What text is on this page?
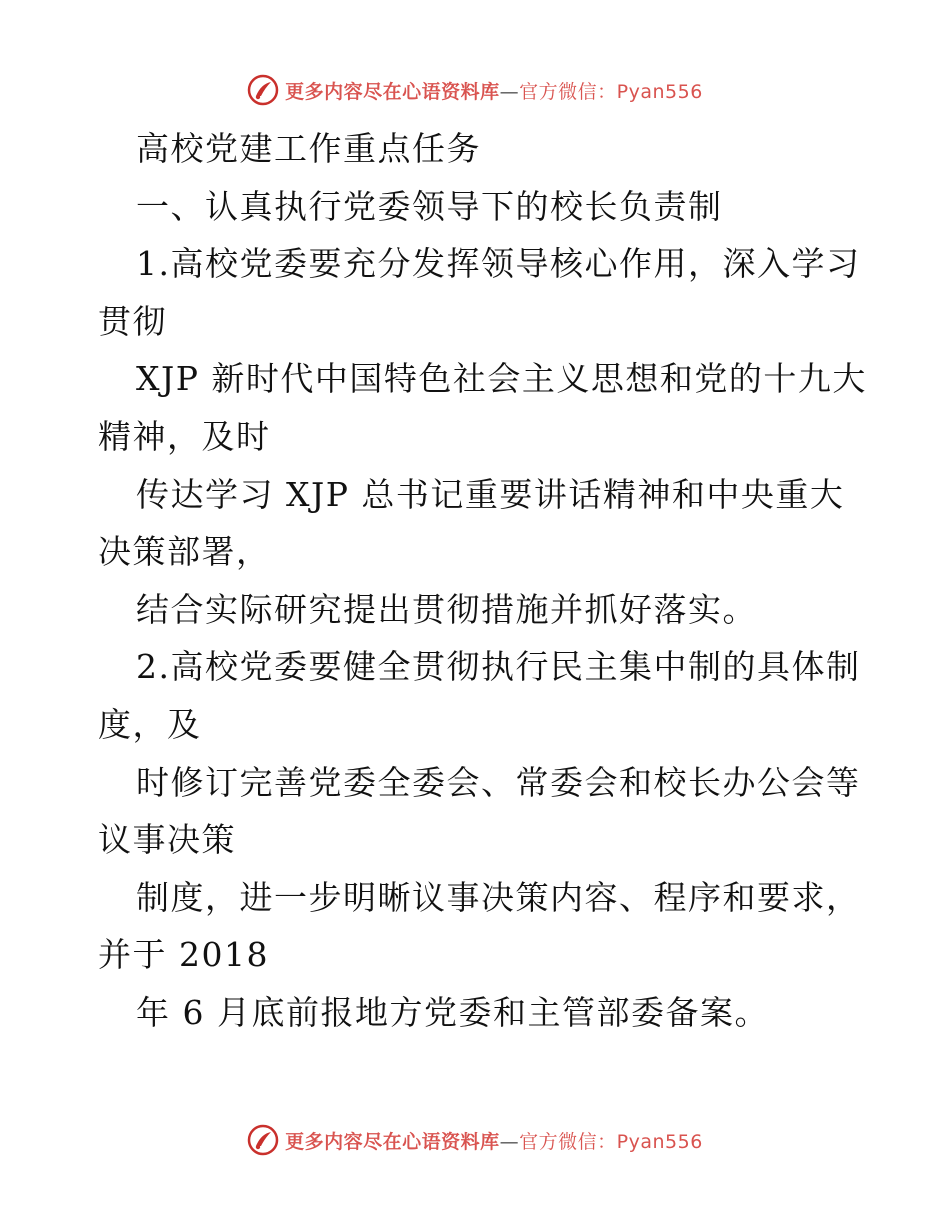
更多内容尽在心语资料库—官方微信：Pyan556
高校党建工作重点任务
一、认真执行党委领导下的校长负责制
1.高校党委要充分发挥领导核心作用，深入学习
贯彻
XJP 新时代中国特色社会主义思想和党的十九大
精神，及时
传达学习 XJP 总书记重要讲话精神和中央重大
决策部署，
结合实际研究提出贯彻措施并抓好落实。
2.高校党委要健全贯彻执行民主集中制的具体制
度，及
时修订完善党委全委会、常委会和校长办公会等
议事决策
制度，进一步明晰议事决策内容、程序和要求，
并于 2018
年 6 月底前报地方党委和主管部委备案。
更多内容尽在心语资料库—官方微信：Pyan556
